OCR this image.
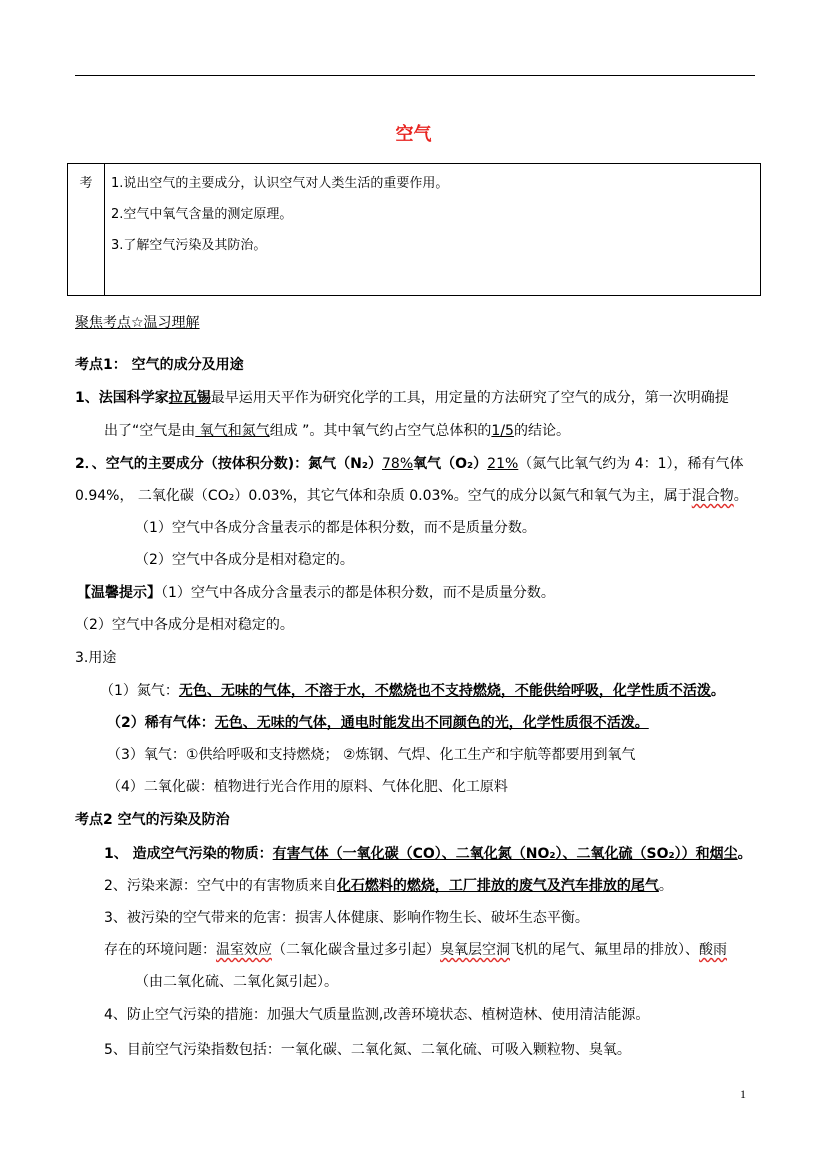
空气
考	1.说出空气的主要成分，认识空气对人类生活的重要作用。
2.空气中氧气含量的测定原理。
3.了解空气污染及其防治。
聚焦考点☆温习理解
考点1： 空气的成分及用途
1、法国科学家拉瓦锡最早运用天平作为研究化学的工具，用定量的方法研究了空气的成分，第一次明确提
出了“空气是由 氧气和氮气组成 ”。其中氧气约占空气总体积的1/5的结论。
2．、空气的主要成分（按体积分数)：氮气（N₂）78%氧气（O₂）21%（氮气比氧气约为 4：1），稀有气体
0.94%， 二氧化碳（CO₂）0.03%，其它气体和杂质 0.03%。空气的成分以氮气和氧气为主，属于混合物。
（1）空气中各成分含量表示的都是体积分数，而不是质量分数。
（2）空气中各成分是相对稳定的。
【温馨提示】（1）空气中各成分含量表示的都是体积分数，而不是质量分数。
（2）空气中各成分是相对稳定的。
3.用途
（1）氮气：无色、无味的气体，不溶于水，不燃烧也不支持燃烧，不能供给呼吸，化学性质不活泼。
（2）稀有气体：无色、无味的气体，通电时能发出不同颜色的光，化学性质很不活泼。
（3）氧气：①供给呼吸和支持燃烧； ②炼钢、气焊、化工生产和宇航等都要用到氧气
（4）二氧化碳：植物进行光合作用的原料、气体化肥、化工原料
考点2 空气的污染及防治
1、 造成空气污染的物质：有害气体（一氧化碳（CO）、二氧化氮（NO₂）、二氧化硫（SO₂））和烟尘。
2、污染来源：空气中的有害物质来自化石燃料的燃烧，工厂排放的废气及汽车排放的尾气。
3、被污染的空气带来的危害：损害人体健康、影响作物生长、破坏生态平衡。
存在的环境问题：温室效应（二氧化碳含量过多引起）臭氧层空洞飞机的尾气、氟里昂的排放）、酸雨
（由二氧化硫、二氧化氮引起）。
4、防止空气污染的措施：加强大气质量监测,改善环境状态、植树造林、使用清洁能源。
5、目前空气污染指数包括：一氧化碳、二氧化氮、二氧化硫、可吸入颗粒物、臭氧。
1
